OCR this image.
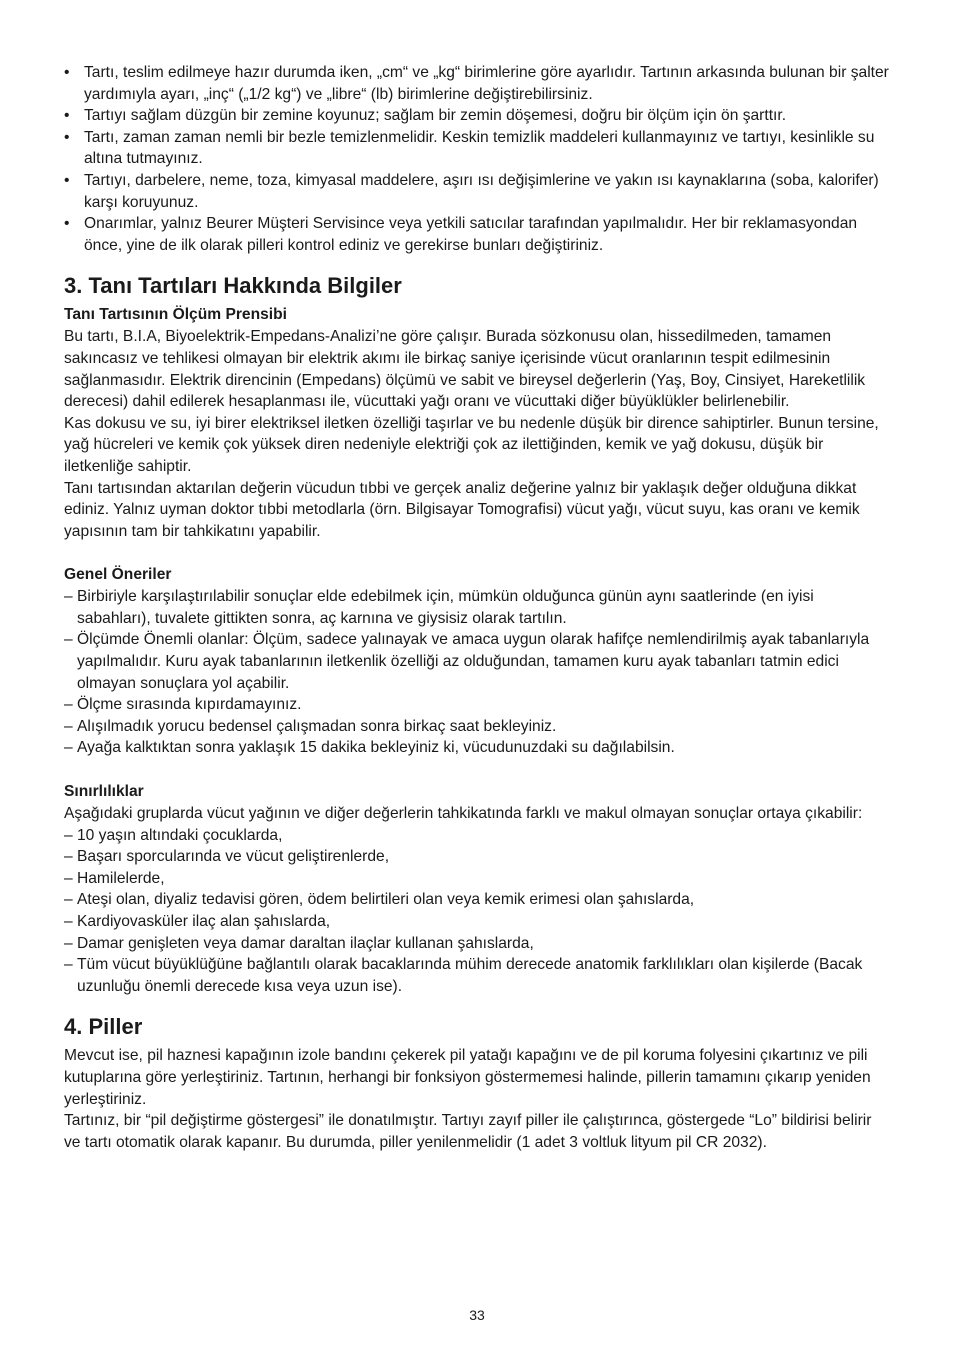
• Tartı, teslim edilmeye hazır durumda iken, „cm“ ve „kg“ birimlerine göre ayarlıdır. Tartının arkasında bulunan bir şalter yardımıyla ayarı, „inç“ („1/2 kg“) ve „libre“ (lb) birimlerine değiştirebilirsiniz.
• Tartıyı sağlam düzgün bir zemine koyunuz; sağlam bir zemin döşemesi, doğru bir ölçüm için ön şarttır.
• Tartı, zaman zaman nemli bir bezle temizlenmelidir. Keskin temizlik maddeleri kullanmayınız ve tartıyı, kesinlikle su altına tutmayınız.
• Tartıyı, darbelere, neme, toza, kimyasal maddelere, aşırı ısı değişimlerine ve yakın ısı kaynaklarına (soba, kalorifer) karşı koruyunuz.
• Onarımlar, yalnız Beurer Müşteri Servisince veya yetkili satıcılar tarafından yapılmalıdır. Her bir reklamasyondan önce, yine de ilk olarak pilleri kontrol ediniz ve gerekirse bunları değiştiriniz.
3. Tanı Tartıları Hakkında Bilgiler
Tanı Tartısının Ölçüm Prensibi

Bu tartı, B.I.A, Biyoelektrik-Empedans-Analizi’ne göre çalışır. Burada sözkonusu olan, hissedilmeden, tamamen sakıncasız ve tehlikesi olmayan bir elektrik akımı ile birkaç saniye içerisinde vücut oranlarının tespit edilmesinin sağlanmasıdır. Elektrik direncinin (Empedans) ölçümü ve sabit ve bireysel değerlerin (Yaş, Boy, Cinsiyet, Hareketlilik derecesi) dahil edilerek hesaplanması ile, vücuttaki yağı oranı ve vücuttaki diğer büyüklükler belirlenebilir.

Kas dokusu ve su, iyi birer elektriksel iletken özelliği taşırlar ve bu nedenle düşük bir dirence sahiptirler. Bunun tersine, yağ hücreleri ve kemik çok yüksek diren nedeniyle elektriği çok az ilettiğinden, kemik ve yağ dokusu, düşük bir iletkenliğe sahiptir.

Tanı tartısından aktarılan değerin vücudun tıbbi ve gerçek analiz değerine yalnız bir yaklaşık değer olduğuna dikkat ediniz. Yalnız uyman doktor tıbbi metodlarla (örn. Bilgisayar Tomografisi) vücut yağı, vücut suyu, kas oranı ve kemik yapısının tam bir tahkikatını yapabilir.

Genel Öneriler
– Birbiriyle karşılaştırılabilir sonuçlar elde edebilmek için, mümkün olduğunca günün aynı saatlerinde (en iyisi sabahları), tuvalete gittikten sonra, aç karnına ve giysisiz olarak tartılın.
– Ölçümde Önemli olanlar: Ölçüm, sadece yalınayak ve amaca uygun olarak hafifçe nemlendirilmiş ayak tabanlarıyla yapılmalıdır. Kuru ayak tabanlarının iletkenlik özelliği az olduğundan, tamamen kuru ayak tabanları tatmin edici olmayan sonuçlara yol açabilir.
– Ölçme sırasında kıpırdamayınız.
– Alışılmadık yorucu bedensel çalışmadan sonra birkaç saat bekleyiniz.
– Ayağa kalktıktan sonra yaklaşık 15 dakika bekleyiniz ki, vücudunuzdaki su dağılabilsin.
Sınırlılıklar

Aşağıdaki gruplarda vücut yağının ve diğer değerlerin tahkikatında farklı ve makul olmayan sonuçlar ortaya çıkabilir:

– 10 yaşın altındaki çocuklarda,
– Başarı sporcularında ve vücut geliştirenlerde,
– Hamilelerde,
– Ateşi olan, diyaliz tedavisi gören, ödem belirtileri olan veya kemik erimesi olan şahıslarda,
– Kardiyovasküler ilaç alan şahıslarda,
– Damar genişleten veya damar daraltan ilaçlar kullanan şahıslarda,
– Tüm vücut büyüklüğüne bağlantılı olarak bacaklarında mühim derecede anatomik farklılıkları olan kişilerde (Bacak uzunluğu önemli derecede kısa veya uzun ise).
4. Piller

Mevcut ise, pil haznesi kapağının izole bandını çekerek pil yatağı kapağını ve de pil koruma folyesini çıkartınız ve pili kutuplarına göre yerleştiriniz. Tartının, herhangi bir fonksiyon göstermemesi halinde, pillerin tamamını çıkarıp yeniden yerleştiriniz.

Tartınız, bir “pil değiştirme göstergesi” ile donatılmıştır. Tartıyı zayıf piller ile çalıştırınca, göstergede “Lo” bildirisi belirir ve tartı otomatik olarak kapanır. Bu durumda, piller yenilenmelidir (1 adet 3 voltluk lityum pil CR 2032).

33
